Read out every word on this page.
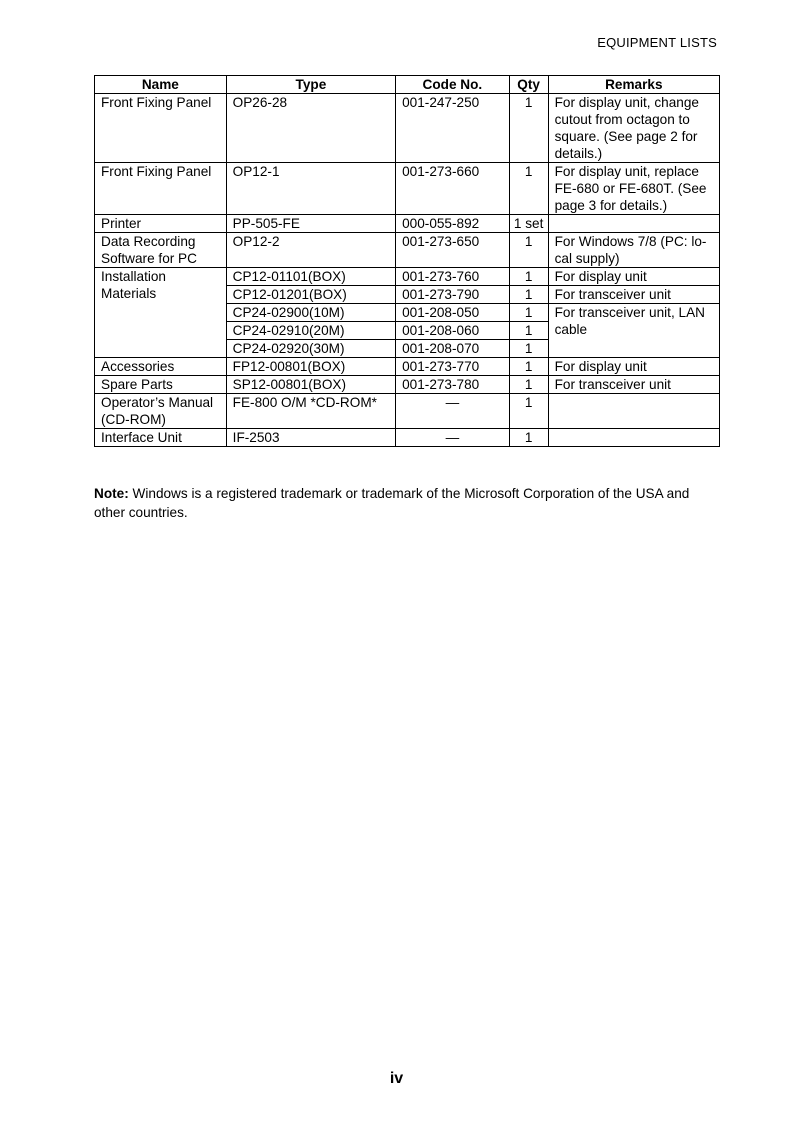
EQUIPMENT LISTS
Name	Type	Code No.	Qty	Remarks
Front Fixing Panel	OP26-28	001-247-250	1	For display unit, change cutout from octagon to square. (See page 2 for details.)
Front Fixing Panel	OP12-1	001-273-660	1	For display unit, replace FE-680 or FE-680T. (See page 3 for details.)
Printer	PP-505-FE	000-055-892	1 set	
Data Recording Software for PC	OP12-2	001-273-650	1	For Windows 7/8 (PC: lo-cal supply)
Installation Materials	CP12-01101(BOX)	001-273-760	1	For display unit
	CP12-01201(BOX)	001-273-790	1	For transceiver unit
	CP24-02900(10M)	001-208-050	1	For transceiver unit, LAN cable
	CP24-02910(20M)	001-208-060	1	
	CP24-02920(30M)	001-208-070	1	
Accessories	FP12-00801(BOX)	001-273-770	1	For display unit
Spare Parts	SP12-00801(BOX)	001-273-780	1	For transceiver unit
Operator’s Manual (CD-ROM)	FE-800 O/M *CD-ROM*	—	1	
Interface Unit	IF-2503	—	1	
Note: Windows is a registered trademark or trademark of the Microsoft Corporation of the USA and other countries.
iv
